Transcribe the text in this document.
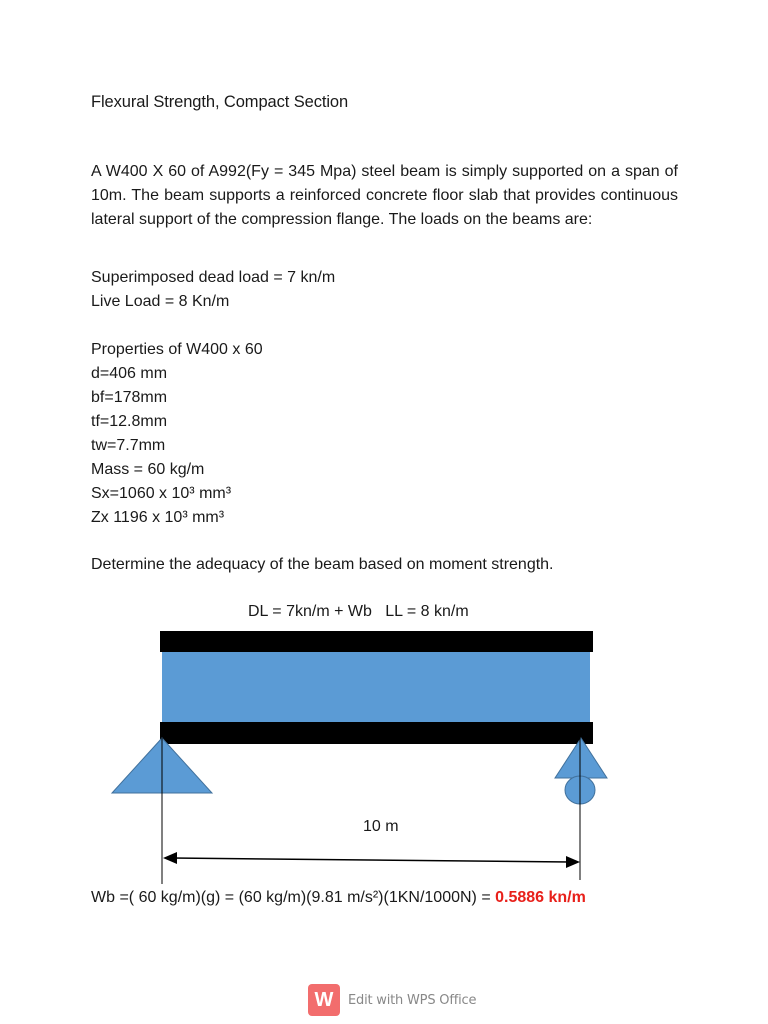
Flexural Strength, Compact Section
A W400 X 60 of A992(Fy = 345 Mpa) steel beam is simply supported on a span of 10m. The beam supports a reinforced concrete floor slab that provides continuous lateral support of the compression flange. The loads on the beams are:
Superimposed dead load = 7 kn/m
Live Load = 8 Kn/m
Properties of W400 x 60
d=406 mm
bf=178mm
tf=12.8mm
tw=7.7mm
Mass = 60 kg/m
Sx=1060 x 10³ mm³
Zx 1196 x 10³ mm³
Determine the adequacy of the beam based on moment strength.
DL = 7kn/m + Wb   LL = 8 kn/m
10 m
Wb =( 60 kg/m)(g) = (60 kg/m)(9.81 m/s²)(1KN/1000N) = 0.5886 kn/m
W	Edit with WPS Office
